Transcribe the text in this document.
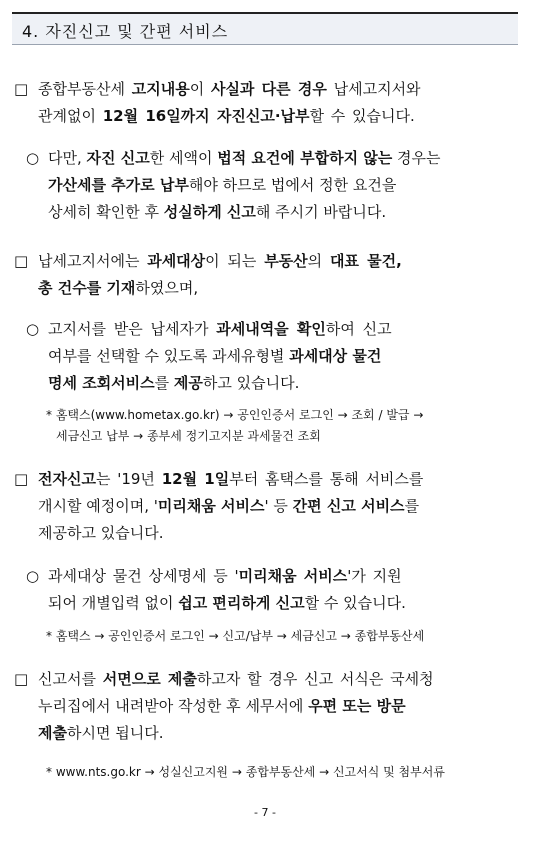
4. 자진신고 및 간편 서비스
□ 종합부동산세 고지내용이 사실과 다른 경우 납세고지서와
관계없이 12월 16일까지 자진신고·납부할 수 있습니다.
○ 다만, 자진 신고한 세액이 법적 요건에 부합하지 않는 경우는
가산세를 추가로 납부해야 하므로 법에서 정한 요건을
상세히 확인한 후 성실하게 신고해 주시기 바랍니다.
□ 납세고지서에는 과세대상이 되는 부동산의 대표 물건,
총 건수를 기재하였으며,
○ 고지서를 받은 납세자가 과세내역을 확인하여 신고
여부를 선택할 수 있도록 과세유형별 과세대상 물건
명세 조회서비스를 제공하고 있습니다.
* 홈택스(www.hometax.go.kr) → 공인인증서 로그인 → 조회 / 발급 →
세금신고 납부 → 종부세 정기고지분 과세물건 조회
□ 전자신고는 '19년 12월 1일부터 홈택스를 통해 서비스를
개시할 예정이며, '미리채움 서비스' 등 간편 신고 서비스를
제공하고 있습니다.
○ 과세대상 물건 상세명세 등 '미리채움 서비스'가 지원
되어 개별입력 없이 쉽고 편리하게 신고할 수 있습니다.
* 홈택스 → 공인인증서 로그인 → 신고/납부 → 세금신고 → 종합부동산세
□ 신고서를 서면으로 제출하고자 할 경우 신고 서식은 국세청
누리집에서 내려받아 작성한 후 세무서에 우편 또는 방문
제출하시면 됩니다.
* www.nts.go.kr → 성실신고지원 → 종합부동산세 → 신고서식 및 첨부서류
- 7 -
